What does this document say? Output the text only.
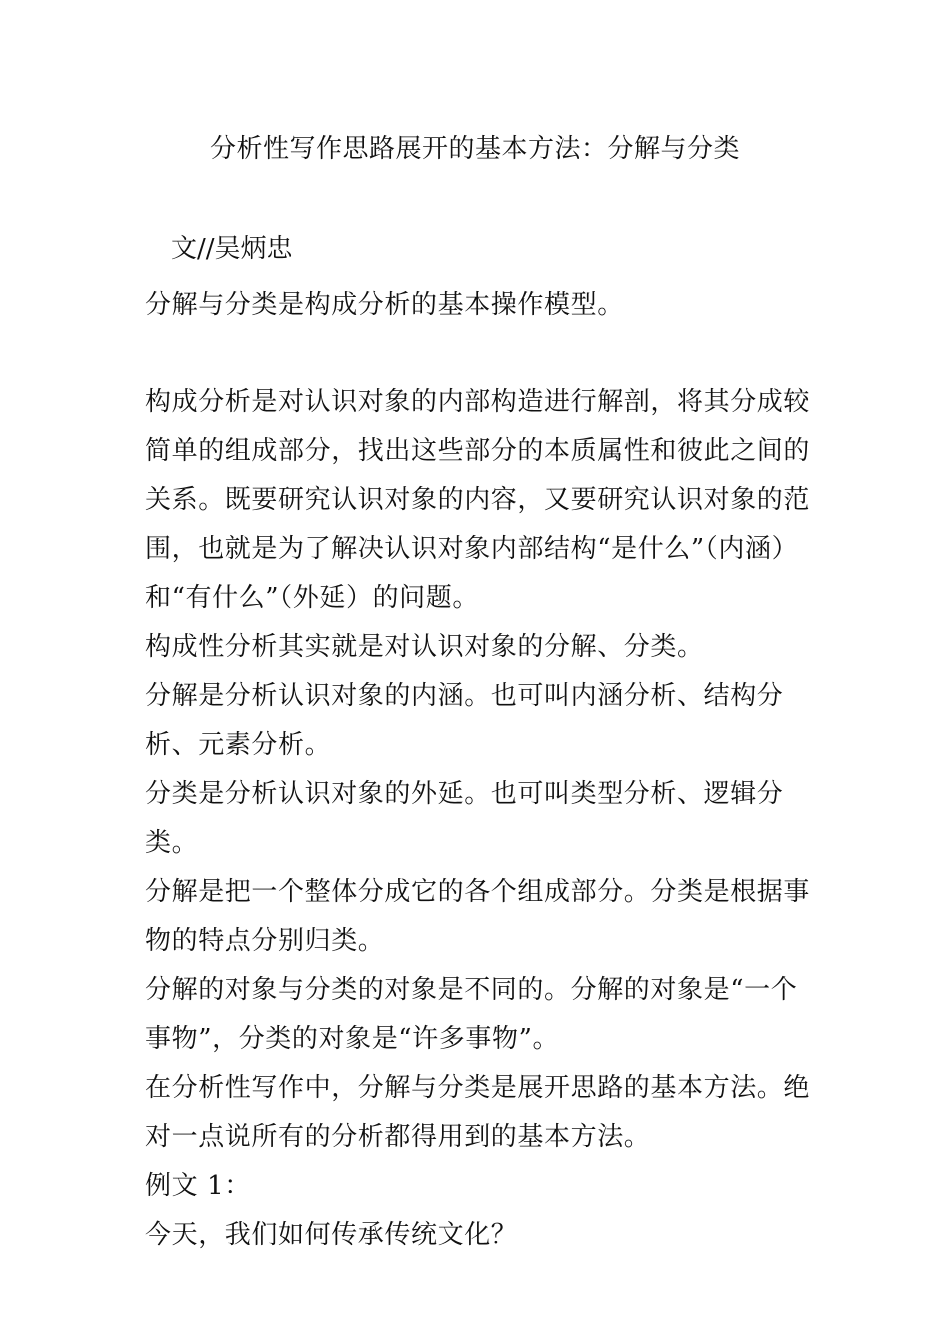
分析性写作思路展开的基本方法：分解与分类
文//吴炳忠

分解与分类是构成分析的基本操作模型。

构成分析是对认识对象的内部构造进行解剖，将其分成较简单的组成部分，找出这些部分的本质属性和彼此之间的关系。既要研究认识对象的内容，又要研究认识对象的范围，也就是为了解决认识对象内部结构“是什么”（内涵）和“有什么”（外延）的问题。

构成性分析其实就是对认识对象的分解、分类。

分解是分析认识对象的内涵。也可叫内涵分析、结构分析、元素分析。

分类是分析认识对象的外延。也可叫类型分析、逻辑分类。

分解是把一个整体分成它的各个组成部分。分类是根据事物的特点分别归类。

分解的对象与分类的对象是不同的。分解的对象是“一个事物”，分类的对象是“许多事物”。

在分析性写作中，分解与分类是展开思路的基本方法。绝对一点说所有的分析都得用到的基本方法。

例文 1：

今天，我们如何传承传统文化？
